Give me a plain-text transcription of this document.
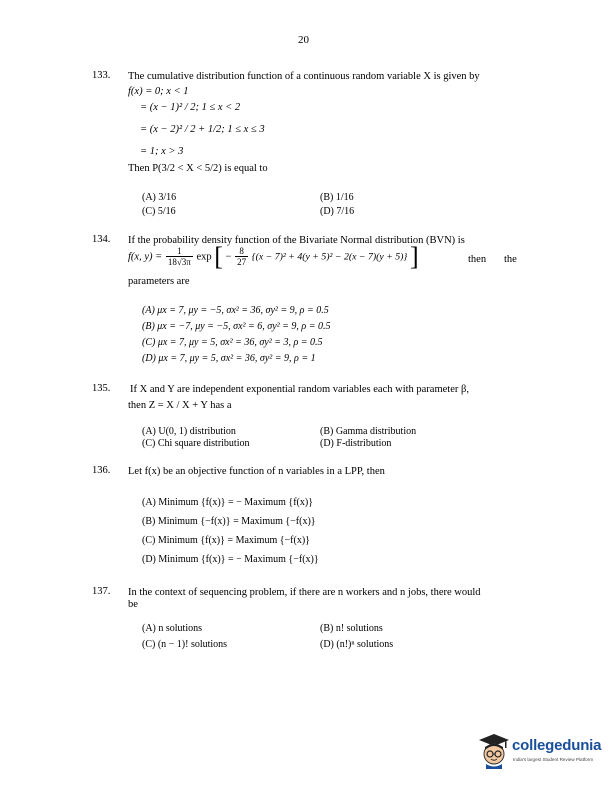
20
133. The cumulative distribution function of a continuous random variable X is given by
f(x) = 0; x < 1
= (x − 1)² / 2; 1 ≤ x < 2
= (x − 2)² / 2 + 1/2; 1 ≤ x ≤ 3
= 1; x > 3
Then P(3/2 < X < 5/2) is equal to
(A) 3/16	(B) 1/16
(C) 5/16	(D) 7/16
134. If the probability density function of the Bivariate Normal distribution (BVN) is
f(x, $y) = \frac{1}{18√3\pi}$ exp [ − $\frac{8}{27} \{(x - 7)^2 + 4(y + 5)^2 - 2(x - 7)(y + 5)\}$ ]	then the
parameters are
(A) μx = 7, μy = −5, σx² = 36, σy² = 9, ρ = 0.5
(B) μx = −7, μy = −5, σx² = 6, σy² = 9, ρ = 0.5
(C) μx = 7, μy = 5, σx² = 36, σy² = 3, ρ = 0.5
(D) μx = 7, μy = 5, σx² = 36, σy² = 9, ρ = 1
135. If X and Y are independent exponential random variables each with parameter β,
then Z = X / X + Y has a
(A) U(0, 1) distribution	(B) Gamma distribution
(C) Chi square distribution	(D) F-distribution
136. Let f(x) be an objective function of n variables in a LPP, then
(A) Minimum {f(x)} = − Maximum {f(x)}
(B) Minimum {−f(x)} = Maximum {−f(x)}
(C) Minimum {f(x)} = Maximum {−f(x)}
(D) Minimum {f(x)} = − Maximum {−f(x)}
137. In the context of sequencing problem, if there are n workers and n jobs, there would
be
(A) n solutions	(B) n! solutions
(C) (n − 1)! solutions	(D) (n!)ⁿ solutions
collegedunia
India's largest Student Review Platform
